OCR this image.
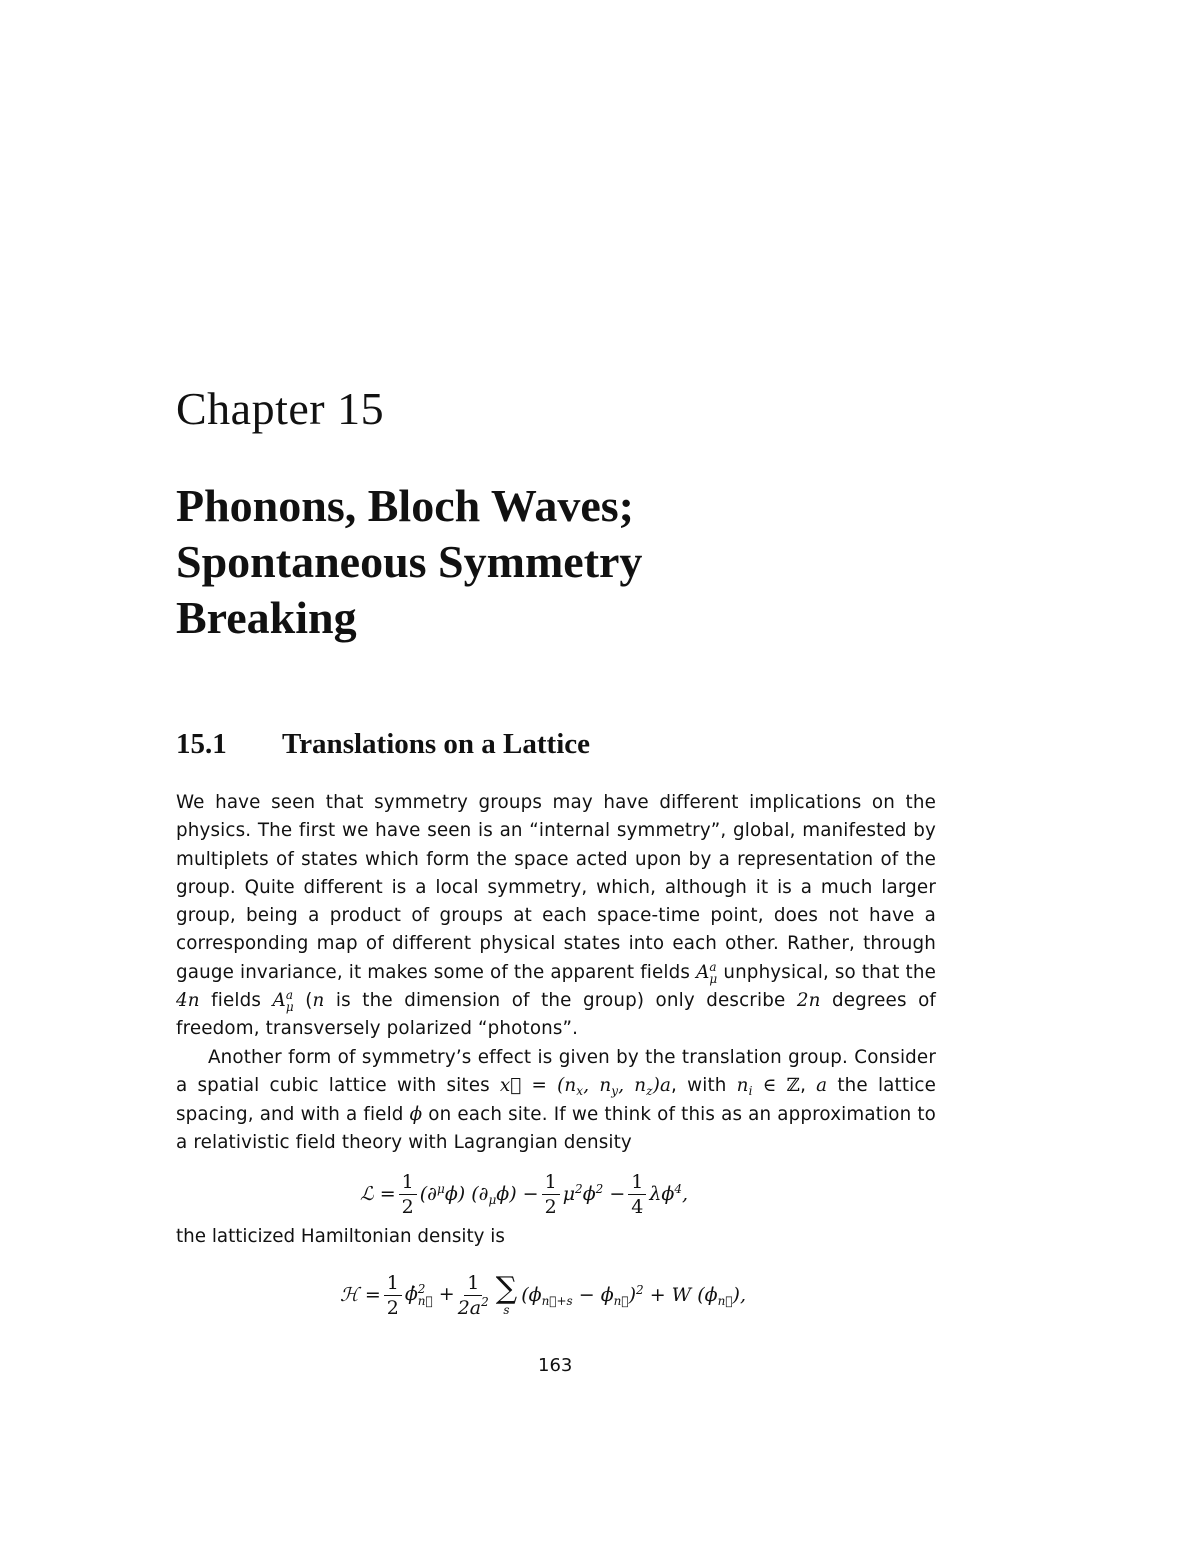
Chapter 15
Phonons, Bloch Waves;
Spontaneous Symmetry
Breaking
15.1 Translations on a Lattice
We have seen that symmetry groups may have different implications on the physics. The first we have seen is an “internal symmetry”, global, manifested by multiplets of states which form the space acted upon by a representation of the group. Quite different is a local symmetry, which, although it is a much larger group, being a product of groups at each space-time point, does not have a corresponding map of different physical states into each other. Rather, through gauge invariance, it makes some of the apparent fields A a
μ unphysical, so that the 4n fields A a
μ (n is the dimension of the group) only describe 2n degrees of freedom, transversely polarized “photons”.
Another form of symmetry’s effect is given by the translation group. Consider a spatial cubic lattice with sites x⃗ = ($n_x$, $n_y$, $n_z)a$, with $n_i$ ∈ ℤ, a the lattice spacing, and with a field ϕ on each site. If we think of this as an approximation to a relativistic field theory with Lagrangian density
ℒ = $\frac{1}{2} (\partial^\mu\phi) (\partial_\mu\phi) - \frac{1}{2} \mu^2\phi^2 - \frac{1}{4} \lambda\phi^4$,
the latticized Hamiltonian density is
ℋ = $\frac{1}{2}$ ϕ̇ 2
n⃗ + $\frac{1}{2a^2}$ ∑
s
$(\phi_{n⃗+s} - \phi_{n⃗})^2 + W$ $(\phi_{n⃗})$,
163
